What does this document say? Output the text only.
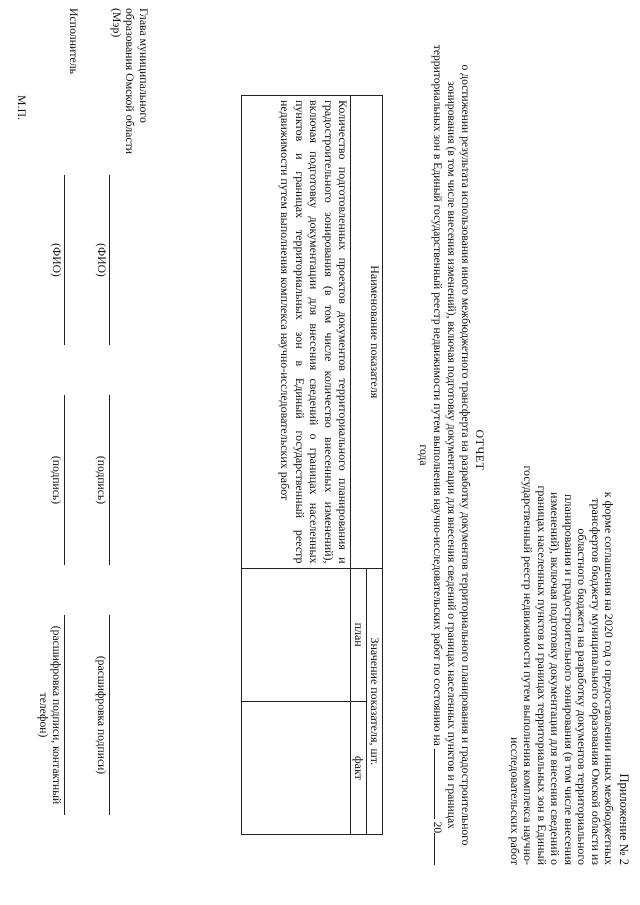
Приложение № 2
к форме соглашения на 2020 год о предоставлении иных межбюджетных трансфертов бюджету муниципального образования Омской области из областного бюджета на разработку документов территориального планирования и градостроительного зонирования (в том числе внесения изменений), включая подготовку документации для внесения сведений о границах населенных пунктов и границах территориальных зон в Единый государственный реестр недвижимости путем выполнения комплекса научно-исследовательских работ
ОТЧЕТ
о достижении результата использования иного межбюджетного трансферта на разработку документов территориального планирования и градостроительного зонирования (в том числе внесения изменений), включая подготовку документации для внесения сведений о границах населенных пунктов и границах территориальных зон в Единый государственный реестр недвижимости путем выполнения научно-исследовательских работ по состоянию на  20 года
Наименование показателя	Значение показателя, шт.	
	план	факт
Количество подготовленных проектов документов территориального планирования и градостроительного зонирования (в том числе количество внесенных изменений), включая подготовку документации для внесения сведений о границах населенных пунктов и границах территориальных зон в Единый государственный реестр недвижимости путем выполнения комплекса научно-исследовательских работ		
Глава муниципального образования Омской области (Мэр)
(ФИО)
(подпись)
(расшифровка подписи)
Исполнитель
(ФИО)
(подпись)
(расшифровка подписи, контактный телефон)
М.П.
